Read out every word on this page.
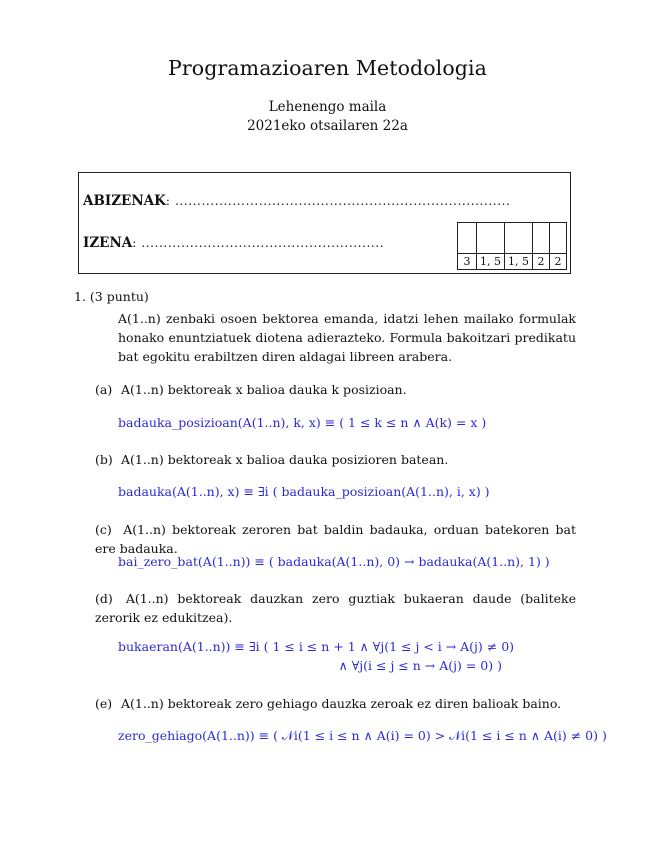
Programazioaren Metodologia
Lehenengo maila
2021eko otsailaren 22a
ABIZENAK: ............................................................................
IZENA: .......................................................

3	1, 5	1, 5	2	2
1. (3 puntu)
A(1..n) zenbaki osoen bektorea emanda, idatzi lehen mailako formulak honako enuntziatuek diotena adierazteko. Formula bakoitzari predikatu bat egokitu erabiltzen diren aldagai libreen arabera.
(a) A(1..n) bektoreak x balioa dauka k posizioan.
badauka_posizioan(A(1..n), k, x) ≡ ( 1 ≤ k ≤ n ∧ A(k) = x )
(b) A(1..n) bektoreak x balioa dauka posizioren batean.
badauka(A(1..n), x) ≡ ∃i ( badauka_posizioan(A(1..n), i, x) )
(c) A(1..n) bektoreak zeroren bat baldin badauka, orduan batekoren bat ere badauka.
bai_zero_bat(A(1..n)) ≡ ( badauka(A(1..n), 0) → badauka(A(1..n), 1) )
(d) A(1..n) bektoreak dauzkan zero guztiak bukaeran daude (baliteke zerorik ez edukitzea).
bukaeran(A(1..n)) ≡ ∃i ( 1 ≤ i ≤ n + 1 ∧ ∀j(1 ≤ j < i → A(j) ≠ 0)
∧ ∀j(i ≤ j ≤ n → A(j) = 0) )
(e) A(1..n) bektoreak zero gehiago dauzka zeroak ez diren balioak baino.
zero_gehiago(A(1..n)) ≡ ( 𝒩i(1 ≤ i ≤ n ∧ A(i) = 0) > 𝒩i(1 ≤ i ≤ n ∧ A(i) ≠ 0) )
